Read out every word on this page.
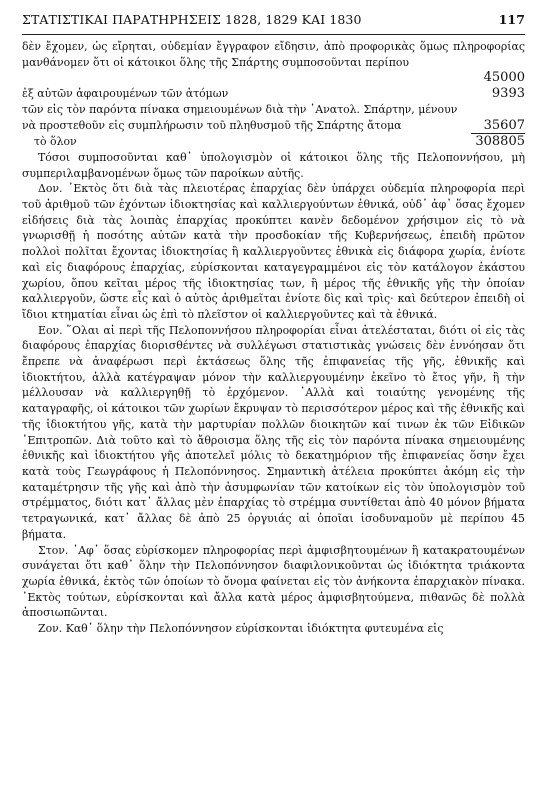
ΣΤΑΤΙΣΤΙΚΑΙ ΠΑΡΑΤΗΡΗΣΕΙΣ 1828, 1829 ΚΑΙ 1830	117

δὲν ἔχομεν, ὡς εἴρηται, οὐδεμίαν ἔγγραφον εἴδησιν, ἀπὸ προφορικὰς ὅμως πληροφορίας μανθάνομεν ὅτι οἱ κάτοικοι ὅλης τῆς Σπάρτης συμποσοῦνται περίπου

45000
ἐξ αὐτῶν ἀφαιρουμένων τῶν ἀτόμων	9393

τῶν εἰς τὸν παρόντα πίνακα σημειουμένων διὰ τὴν ᾿Ανατολ. Σπάρτην, μένουν

νὰ προστεθοῦν εἰς συμπλήρωσιν τοῦ πληθυσμοῦ τῆς Σπάρτης ἄτομα	35607
τὸ ὅλον	308805

Τόσοι συμποσοῦνται καθ᾿ ὑπολογισμὸν οἱ κάτοικοι ὅλης τῆς Πελοποννήσου, μὴ συμπεριλαμβανομένων ὅμως τῶν παροίκων αὐτῆς.

Δον. ᾿Εκτὸς ὅτι διὰ τὰς πλειοτέρας ἐπαρχίας δὲν ὑπάρχει οὐδεμία πληροφορία περὶ τοῦ ἀριθμοῦ τῶν ἐχόντων ἰδιοκτησίας καὶ καλλιεργούντων ἐθνικά, οὐδ᾿ ἀφ᾿ ὅσας ἔχομεν εἰδήσεις διὰ τὰς λοιπὰς ἐπαρχίας προκύπτει κανὲν δεδομένον χρήσιμον εἰς τὸ νὰ γνωρισθῇ ἡ ποσότης αὐτῶν κατὰ τὴν προσδοκίαν τῆς Κυβερνήσεως, ἐπειδὴ πρῶτον πολλοὶ πολῖται ἔχοντας ἰδιοκτησίας ἢ καλλιεργοῦντες ἐθνικὰ εἰς διάφορα χωρία, ἐνίοτε καὶ εἰς διαφόρους ἐπαρχίας, εὑρίσκονται καταγεγραμμένοι εἰς τὸν κατάλογον ἑκάστου χωρίου, ὅπου κεῖται μέρος τῆς ἰδιοκτησίας των, ἢ μέρος τῆς ἐθνικῆς γῆς τὴν ὁποίαν καλλιεργοῦν, ὥστε εἷς καὶ ὁ αὐτὸς ἀριθμεῖται ἐνίοτε δὶς καὶ τρὶς· καὶ δεύτερον ἐπειδὴ οἱ ἴδιοι κτηματίαι εἶναι ὡς ἐπὶ τὸ πλεῖστον οἱ καλλιεργοῦντες καὶ τὰ ἐθνικά.

Εον. ῞Ολαι αἱ περὶ τῆς Πελοποννήσου πληροφορίαι εἶναι ἀτελέσταται, διότι οἱ εἰς τὰς διαφόρους ἐπαρχίας διορισθέντες νὰ συλλέγωσι στατιστικὰς γνώσεις δὲν ἐννόησαν ὅτι ἔπρεπε νὰ ἀναφέρωσι περὶ ἐκτάσεως ὅλης τῆς ἐπιφανείας τῆς γῆς, ἐθνικῆς καὶ ἰδιοκτήτου, ἀλλὰ κατέγραψαν μόνον τὴν καλλιεργουμένην ἐκεῖνο τὸ ἔτος γῆν, ἢ τὴν μέλλουσαν νὰ καλλιεργηθῇ τὸ ἐρχόμενον. ᾿Αλλὰ καὶ τοιαύτης γενομένης τῆς καταγραφῆς, οἱ κάτοικοι τῶν χωρίων ἔκρυψαν τὸ περισσότερον μέρος καὶ τῆς ἐθνικῆς καὶ τῆς ἰδιοκτήτου γῆς, κατὰ τὴν μαρτυρίαν πολλῶν διοικητῶν καί τινων ἐκ τῶν Εἰδικῶν ᾿Επιτροπῶν. Διὰ τοῦτο καὶ τὸ ἄθροισμα ὅλης τῆς εἰς τὸν παρόντα πίνακα σημειουμένης ἐθνικῆς καὶ ἰδιοκτήτου γῆς ἀποτελεῖ μόλις τὸ δεκατημόριον τῆς ἐπιφανείας ὅσην ἔχει κατὰ τοὺς Γεωγράφους ἡ Πελοπόννησος. Σημαντικὴ ἀτέλεια προκύπτει ἀκόμη εἰς τὴν καταμέτρησιν τῆς γῆς καὶ ἀπὸ τὴν ἀσυμφωνίαν τῶν κατοίκων εἰς τὸν ὑπολογισμὸν τοῦ στρέμματος, διότι κατ᾿ ἄλλας μὲν ἐπαρχίας τὸ στρέμμα συντίθεται ἀπὸ 40 μόνον βήματα τετραγωνικά, κατ᾿ ἄλλας δὲ ἀπὸ 25 ὀργυιάς αἱ ὁποῖαι ἰσοδυναμοῦν μὲ περίπου 45 βήματα.

Στον. ᾿Αφ᾿ ὅσας εὑρίσκομεν πληροφορίας περὶ ἀμφισβητουμένων ἢ κατακρατουμένων συνάγεται ὅτι καθ᾿ ὅλην τὴν Πελοπόννησον διαφιλονικοῦνται ὡς ἰδιόκτητα τριάκοντα χωρία ἐθνικά, ἐκτὸς τῶν ὁποίων τὸ ὄνομα φαίνεται εἰς τὸν ἀνήκοντα ἐπαρχιακὸν πίνακα. ᾿Εκτὸς τούτων, εὑρίσκονται καὶ ἄλλα κατὰ μέρος ἀμφισβητούμενα, πιθανῶς δὲ πολλὰ ἀποσιωπῶνται.

Ζον. Καθ᾿ ὅλην τὴν Πελοπόννησον εὑρίσκονται ἰδιόκτητα φυτευμένα εἰς
